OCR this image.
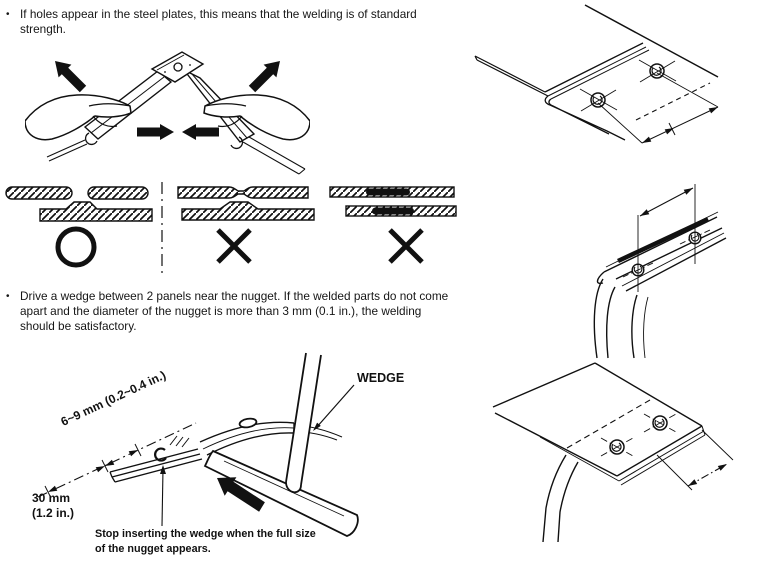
• If holes appear in the steel plates, this means that the welding is of standard
strength.
• Drive a wedge between 2 panels near the nugget. If the welded parts do not come
apart and the diameter of the nugget is more than 3 mm (0.1 in.), the welding
should be satisfactory.
6~9 mm (0.2~0.4 in.)
30 mm
(1.2 in.)
WEDGE
Stop inserting the wedge when the full size
of the nugget appears.
